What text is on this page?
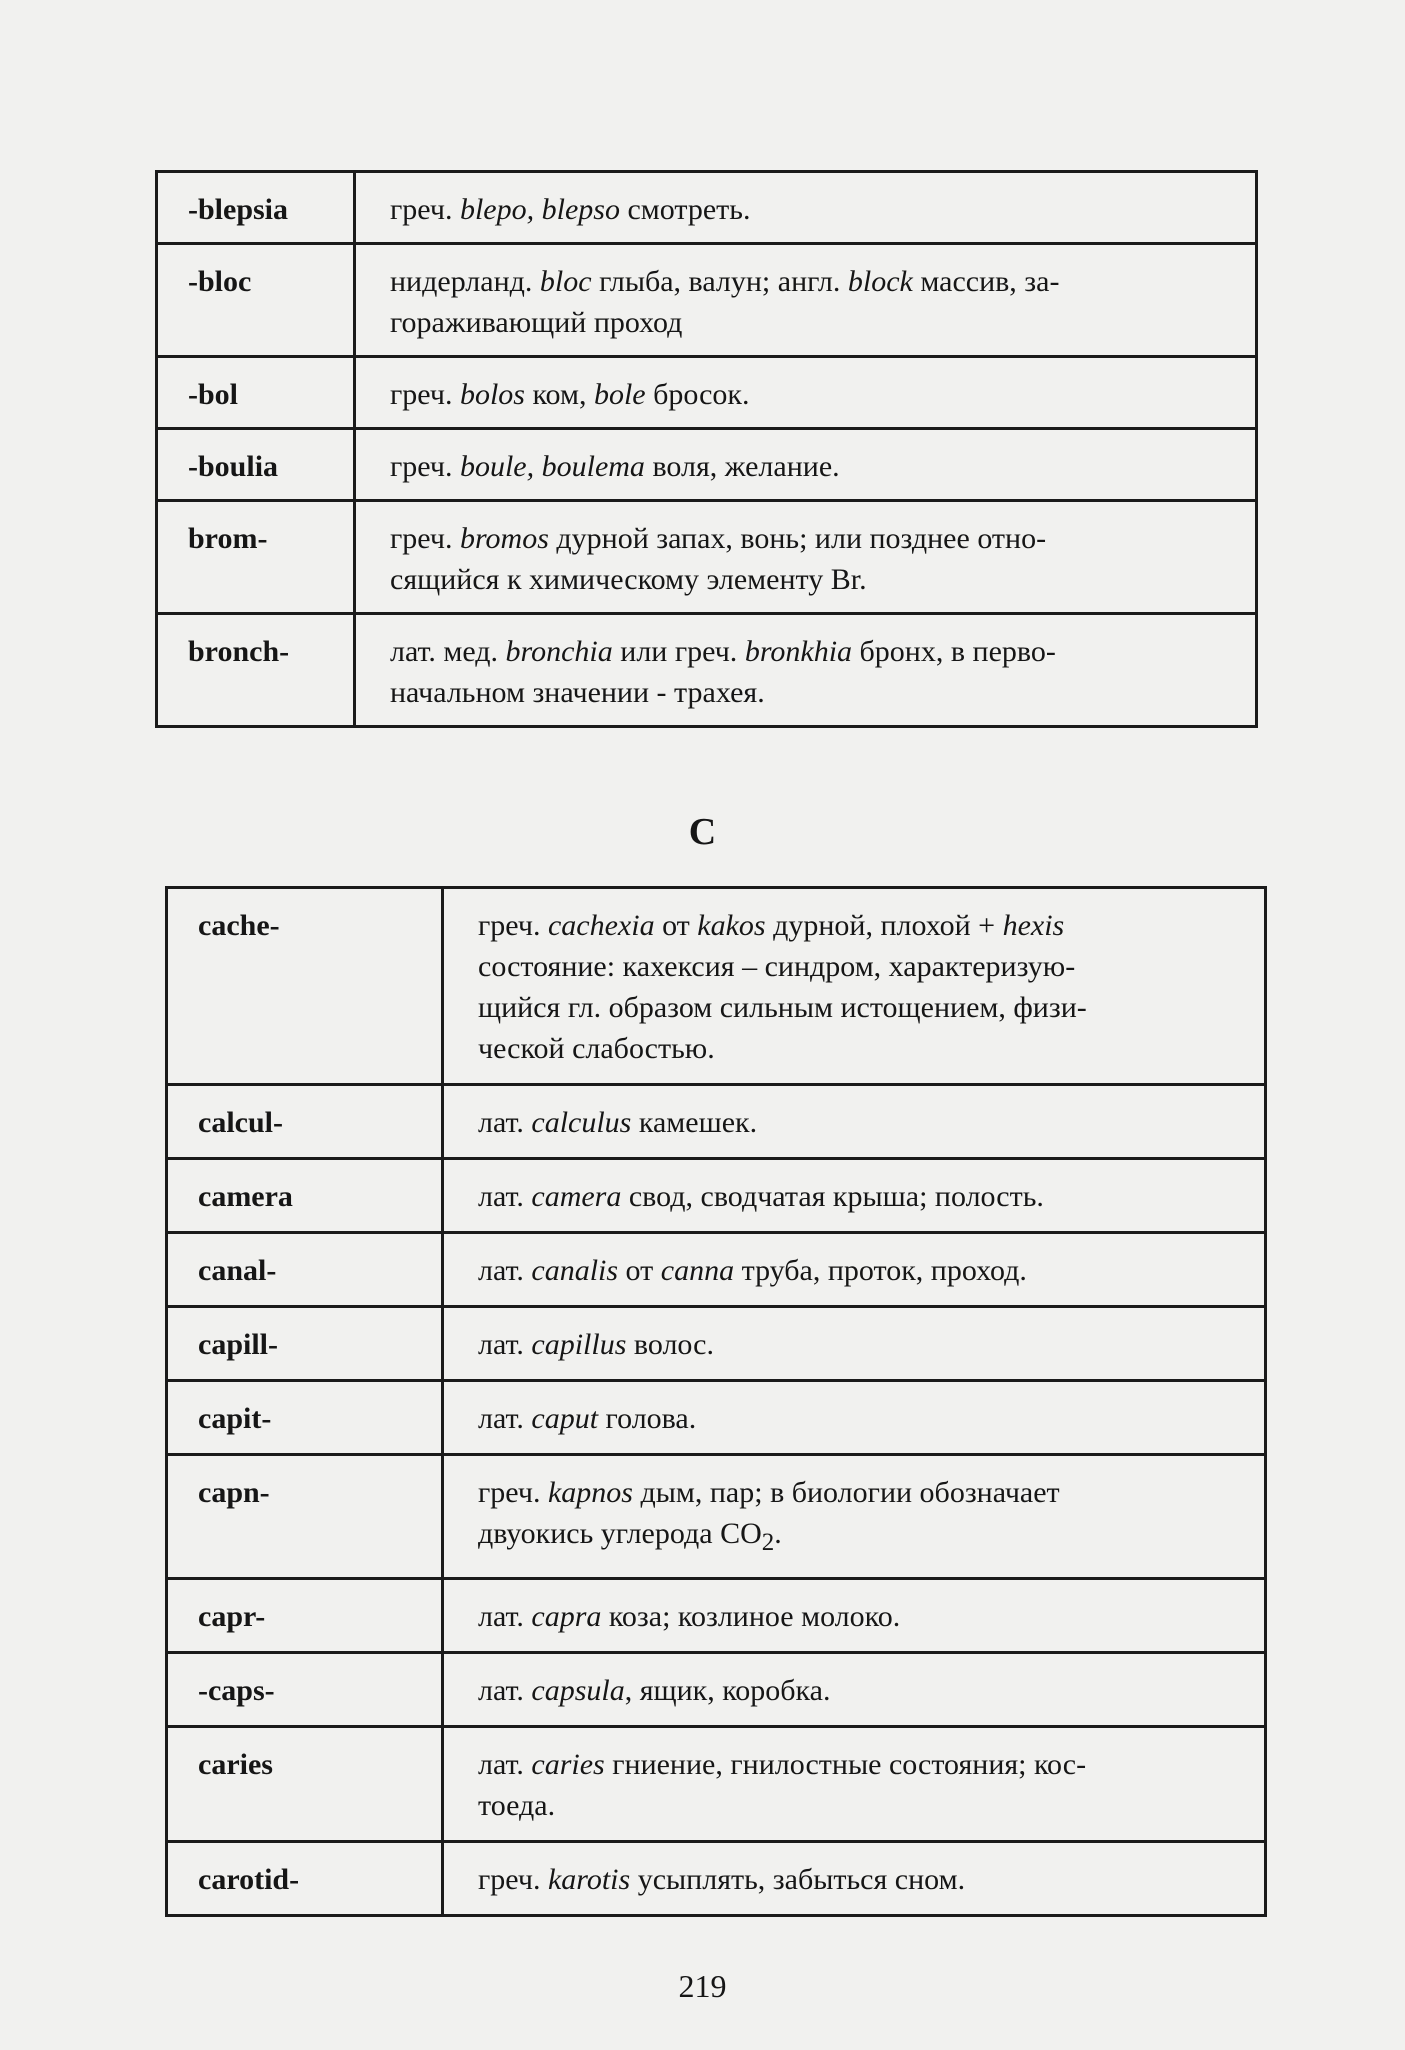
-blepsia	греч. blepo, blepso смотреть.
-bloc	нидерланд. bloc глыба, валун; англ. block массив, за-
гораживающий проход
-bol	греч. bolos ком, bole бросок.
-boulia	греч. boule, boulema воля, желание.
brom-	греч. bromos дурной запах, вонь; или позднее отно-
сящийся к химическому элементу Br.
bronch-	лат. мед. bronchia или греч. bronkhia бронх, в перво-
начальном значении - трахея.
С
cache-	греч. cachexia от kakos дурной, плохой + hexis
состояние: кахексия – синдром, характеризую-
щийся гл. образом сильным истощением, физи-
ческой слабостью.
calcul-	лат. calculus камешек.
camera	лат. camera свод, сводчатая крыша; полость.
canal-	лат. canalis от canna труба, проток, проход.
capill-	лат. capillus волос.
capit-	лат. caput голова.
capn-	греч. kapnos дым, пар; в биологии обозначает
двуокись углерода $CO_2$.
capr-	лат. capra коза; козлиное молоко.
-caps-	лат. capsula, ящик, коробка.
caries	лат. caries гниение, гнилостные состояния; кос-
тоеда.
carotid-	греч. karotis усыплять, забыться сном.
219
